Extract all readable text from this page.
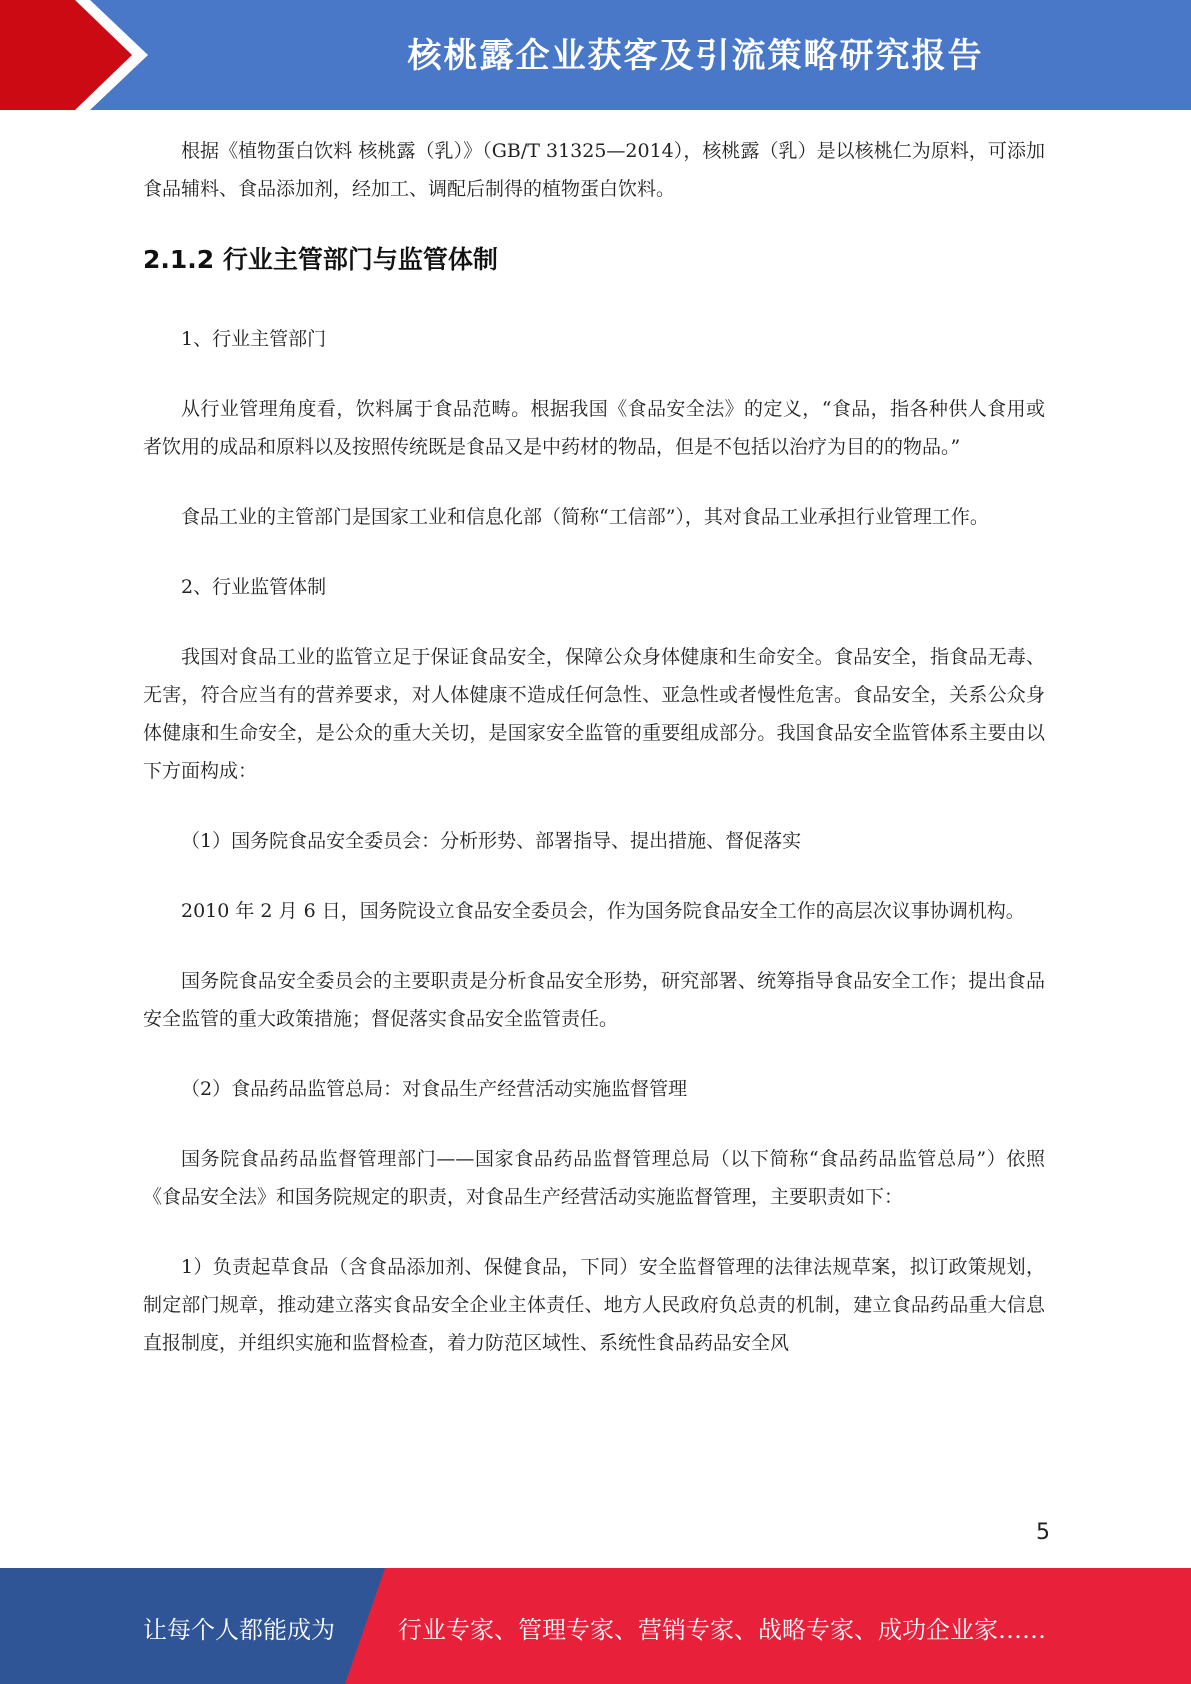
核桃露企业获客及引流策略研究报告

根据《植物蛋白饮料 核桃露（乳）》（GB/T 31325—2014），核桃露（乳）是以核桃仁为原料，可添加食品辅料、食品添加剂，经加工、调配后制得的植物蛋白饮料。

2.1.2 行业主管部门与监管体制

1、行业主管部门

从行业管理角度看，饮料属于食品范畴。根据我国《食品安全法》的定义，“食品，指各种供人食用或者饮用的成品和原料以及按照传统既是食品又是中药材的物品，但是不包括以治疗为目的的物品。”

食品工业的主管部门是国家工业和信息化部（简称“工信部”），其对食品工业承担行业管理工作。

2、行业监管体制

我国对食品工业的监管立足于保证食品安全，保障公众身体健康和生命安全。食品安全，指食品无毒、无害，符合应当有的营养要求，对人体健康不造成任何急性、亚急性或者慢性危害。食品安全，关系公众身体健康和生命安全，是公众的重大关切，是国家安全监管的重要组成部分。我国食品安全监管体系主要由以下方面构成：

（1）国务院食品安全委员会：分析形势、部署指导、提出措施、督促落实

2010 年 2 月 6 日，国务院设立食品安全委员会，作为国务院食品安全工作的高层次议事协调机构。

国务院食品安全委员会的主要职责是分析食品安全形势，研究部署、统筹指导食品安全工作；提出食品安全监管的重大政策措施；督促落实食品安全监管责任。

（2）食品药品监管总局：对食品生产经营活动实施监督管理

国务院食品药品监督管理部门——国家食品药品监督管理总局（以下简称“食品药品监管总局”）依照《食品安全法》和国务院规定的职责，对食品生产经营活动实施监督管理，主要职责如下：

1）负责起草食品（含食品添加剂、保健食品，下同）安全监督管理的法律法规草案，拟订政策规划，制定部门规章，推动建立落实食品安全企业主体责任、地方人民政府负总责的机制，建立食品药品重大信息直报制度，并组织实施和监督检查，着力防范区域性、系统性食品药品安全风

5
让每个人都能成为	行业专家、管理专家、营销专家、战略专家、成功企业家……
